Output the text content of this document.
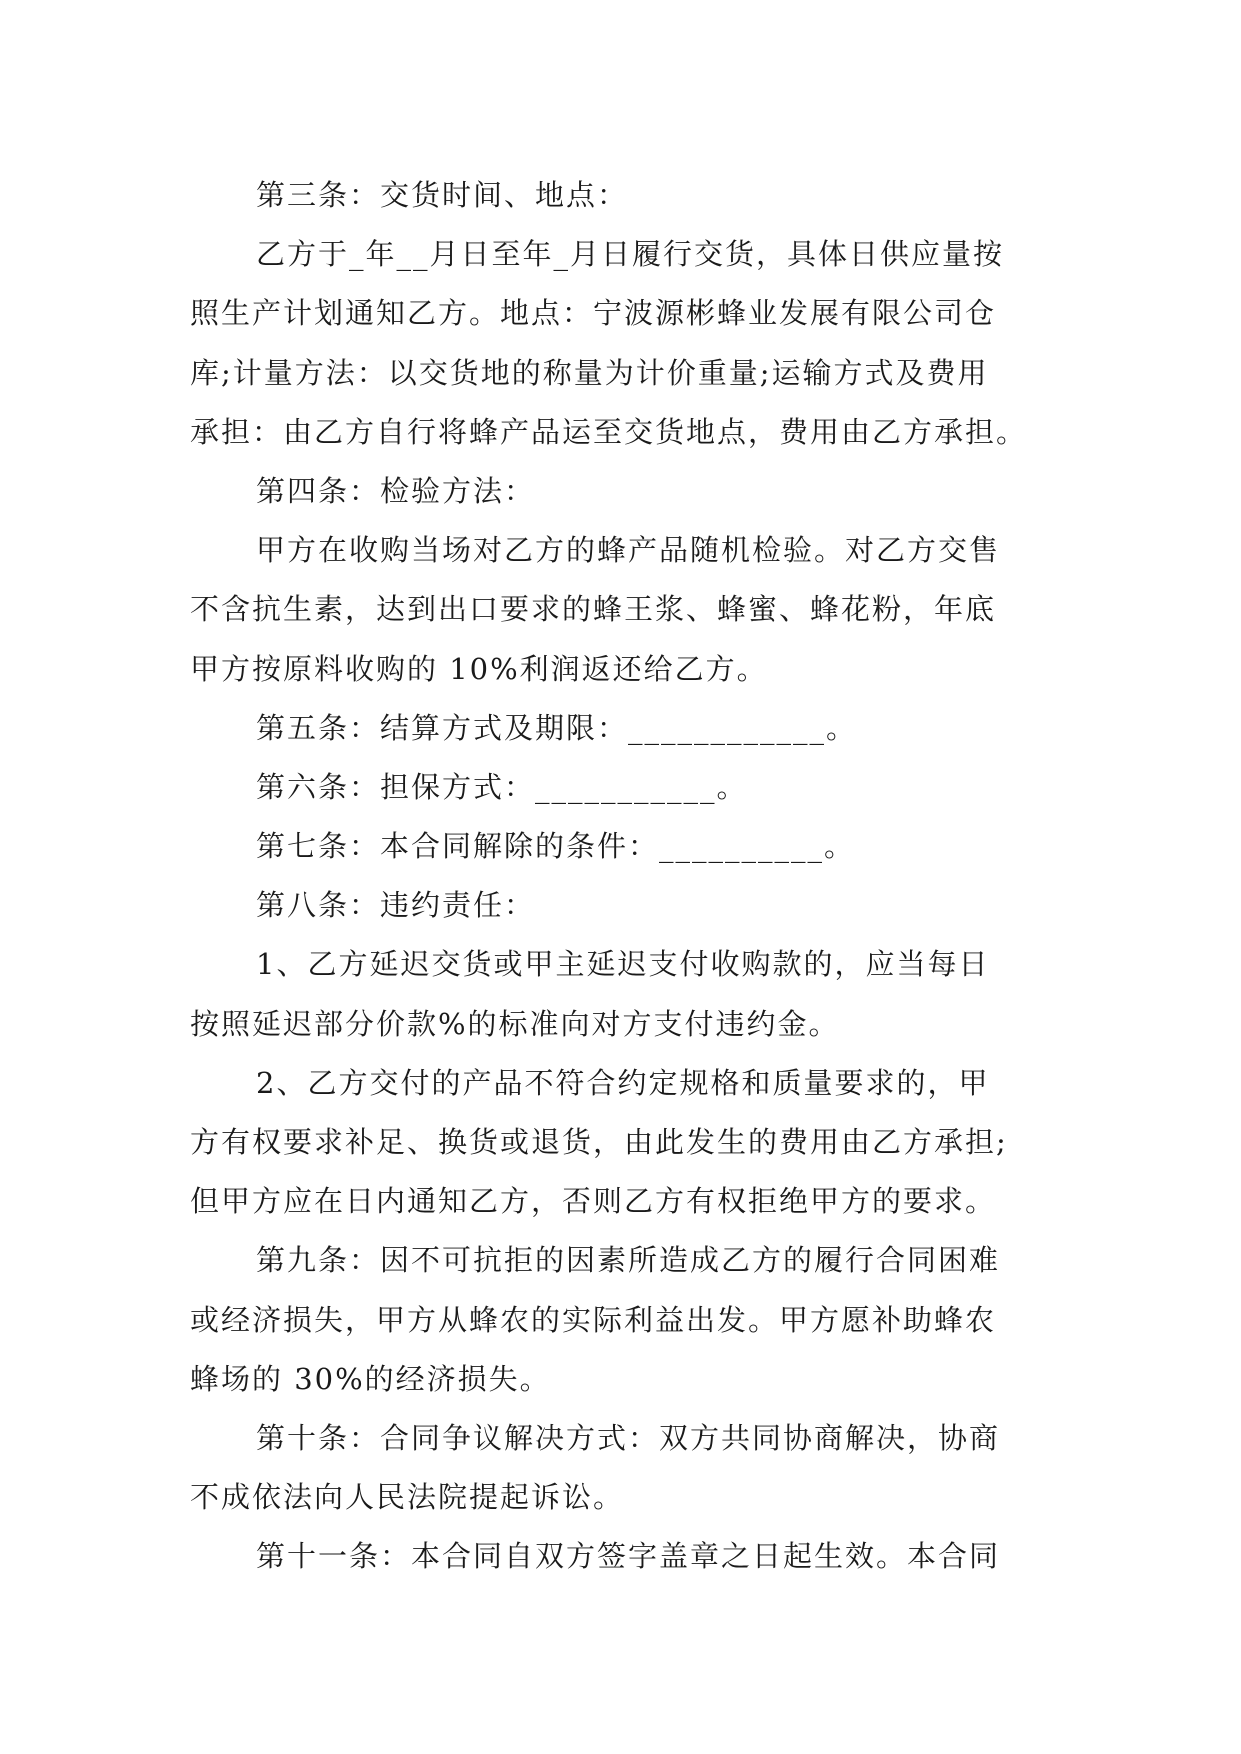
第三条：交货时间、地点：
乙方于_年__月日至年_月日履行交货，具体日供应量按
照生产计划通知乙方。地点：宁波源彬蜂业发展有限公司仓
库;计量方法：以交货地的称量为计价重量;运输方式及费用
承担：由乙方自行将蜂产品运至交货地点，费用由乙方承担。
第四条：检验方法：
甲方在收购当场对乙方的蜂产品随机检验。对乙方交售
不含抗生素，达到出口要求的蜂王浆、蜂蜜、蜂花粉，年底
甲方按原料收购的 10%利润返还给乙方。
第五条：结算方式及期限：____________。
第六条：担保方式：___________。
第七条：本合同解除的条件：__________。
第八条：违约责任：
1、乙方延迟交货或甲主延迟支付收购款的，应当每日
按照延迟部分价款%的标准向对方支付违约金。
2、乙方交付的产品不符合约定规格和质量要求的，甲
方有权要求补足、换货或退货，由此发生的费用由乙方承担;
但甲方应在日内通知乙方，否则乙方有权拒绝甲方的要求。
第九条：因不可抗拒的因素所造成乙方的履行合同困难
或经济损失，甲方从蜂农的实际利益出发。甲方愿补助蜂农
蜂场的 30%的经济损失。
第十条：合同争议解决方式：双方共同协商解决，协商
不成依法向人民法院提起诉讼。
第十一条：本合同自双方签字盖章之日起生效。本合同
